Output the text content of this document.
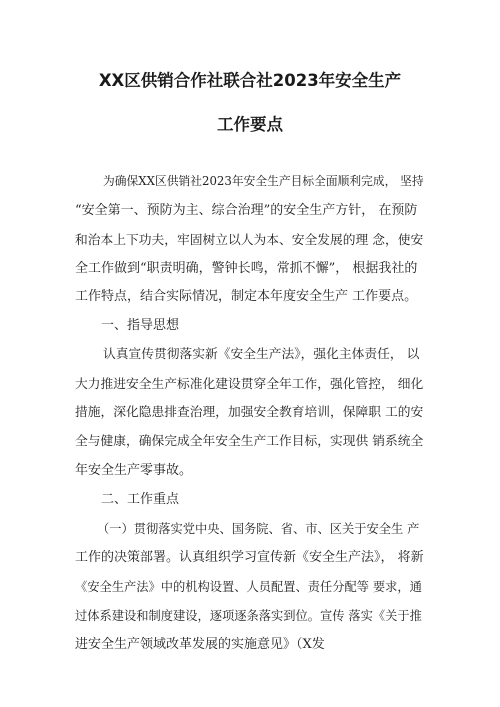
XX区供销合作社联合社2023年安全生产
工作要点
为确保XX区供销社2023年安全生产目标全面顺利完成， 坚持
“安全第一、预防为主、综合治理”的安全生产方针， 在预防
和治本上下功夫，牢固树立以人为本、安全发展的理 念，使安
全工作做到“职责明确，警钟长鸣，常抓不懈”， 根据我社的
工作特点，结合实际情况，制定本年度安全生产 工作要点。
一、指导思想
认真宣传贯彻落实新《安全生产法》，强化主体责任， 以
大力推进安全生产标准化建设贯穿全年工作，强化管控， 细化
措施，深化隐患排查治理，加强安全教育培训，保障职 工的安
全与健康，确保完成全年安全生产工作目标，实现供 销系统全
年安全生产零事故。
二、工作重点
（一）贯彻落实党中央、国务院、省、市、区关于安全生 产
工作的决策部署。认真组织学习宣传新《安全生产法》， 将新
《安全生产法》中的机构设置、人员配置、责任分配等 要求，通
过体系建设和制度建设，逐项逐条落实到位。宣传 落实《关于推
进安全生产领域改革发展的实施意见》（X发
